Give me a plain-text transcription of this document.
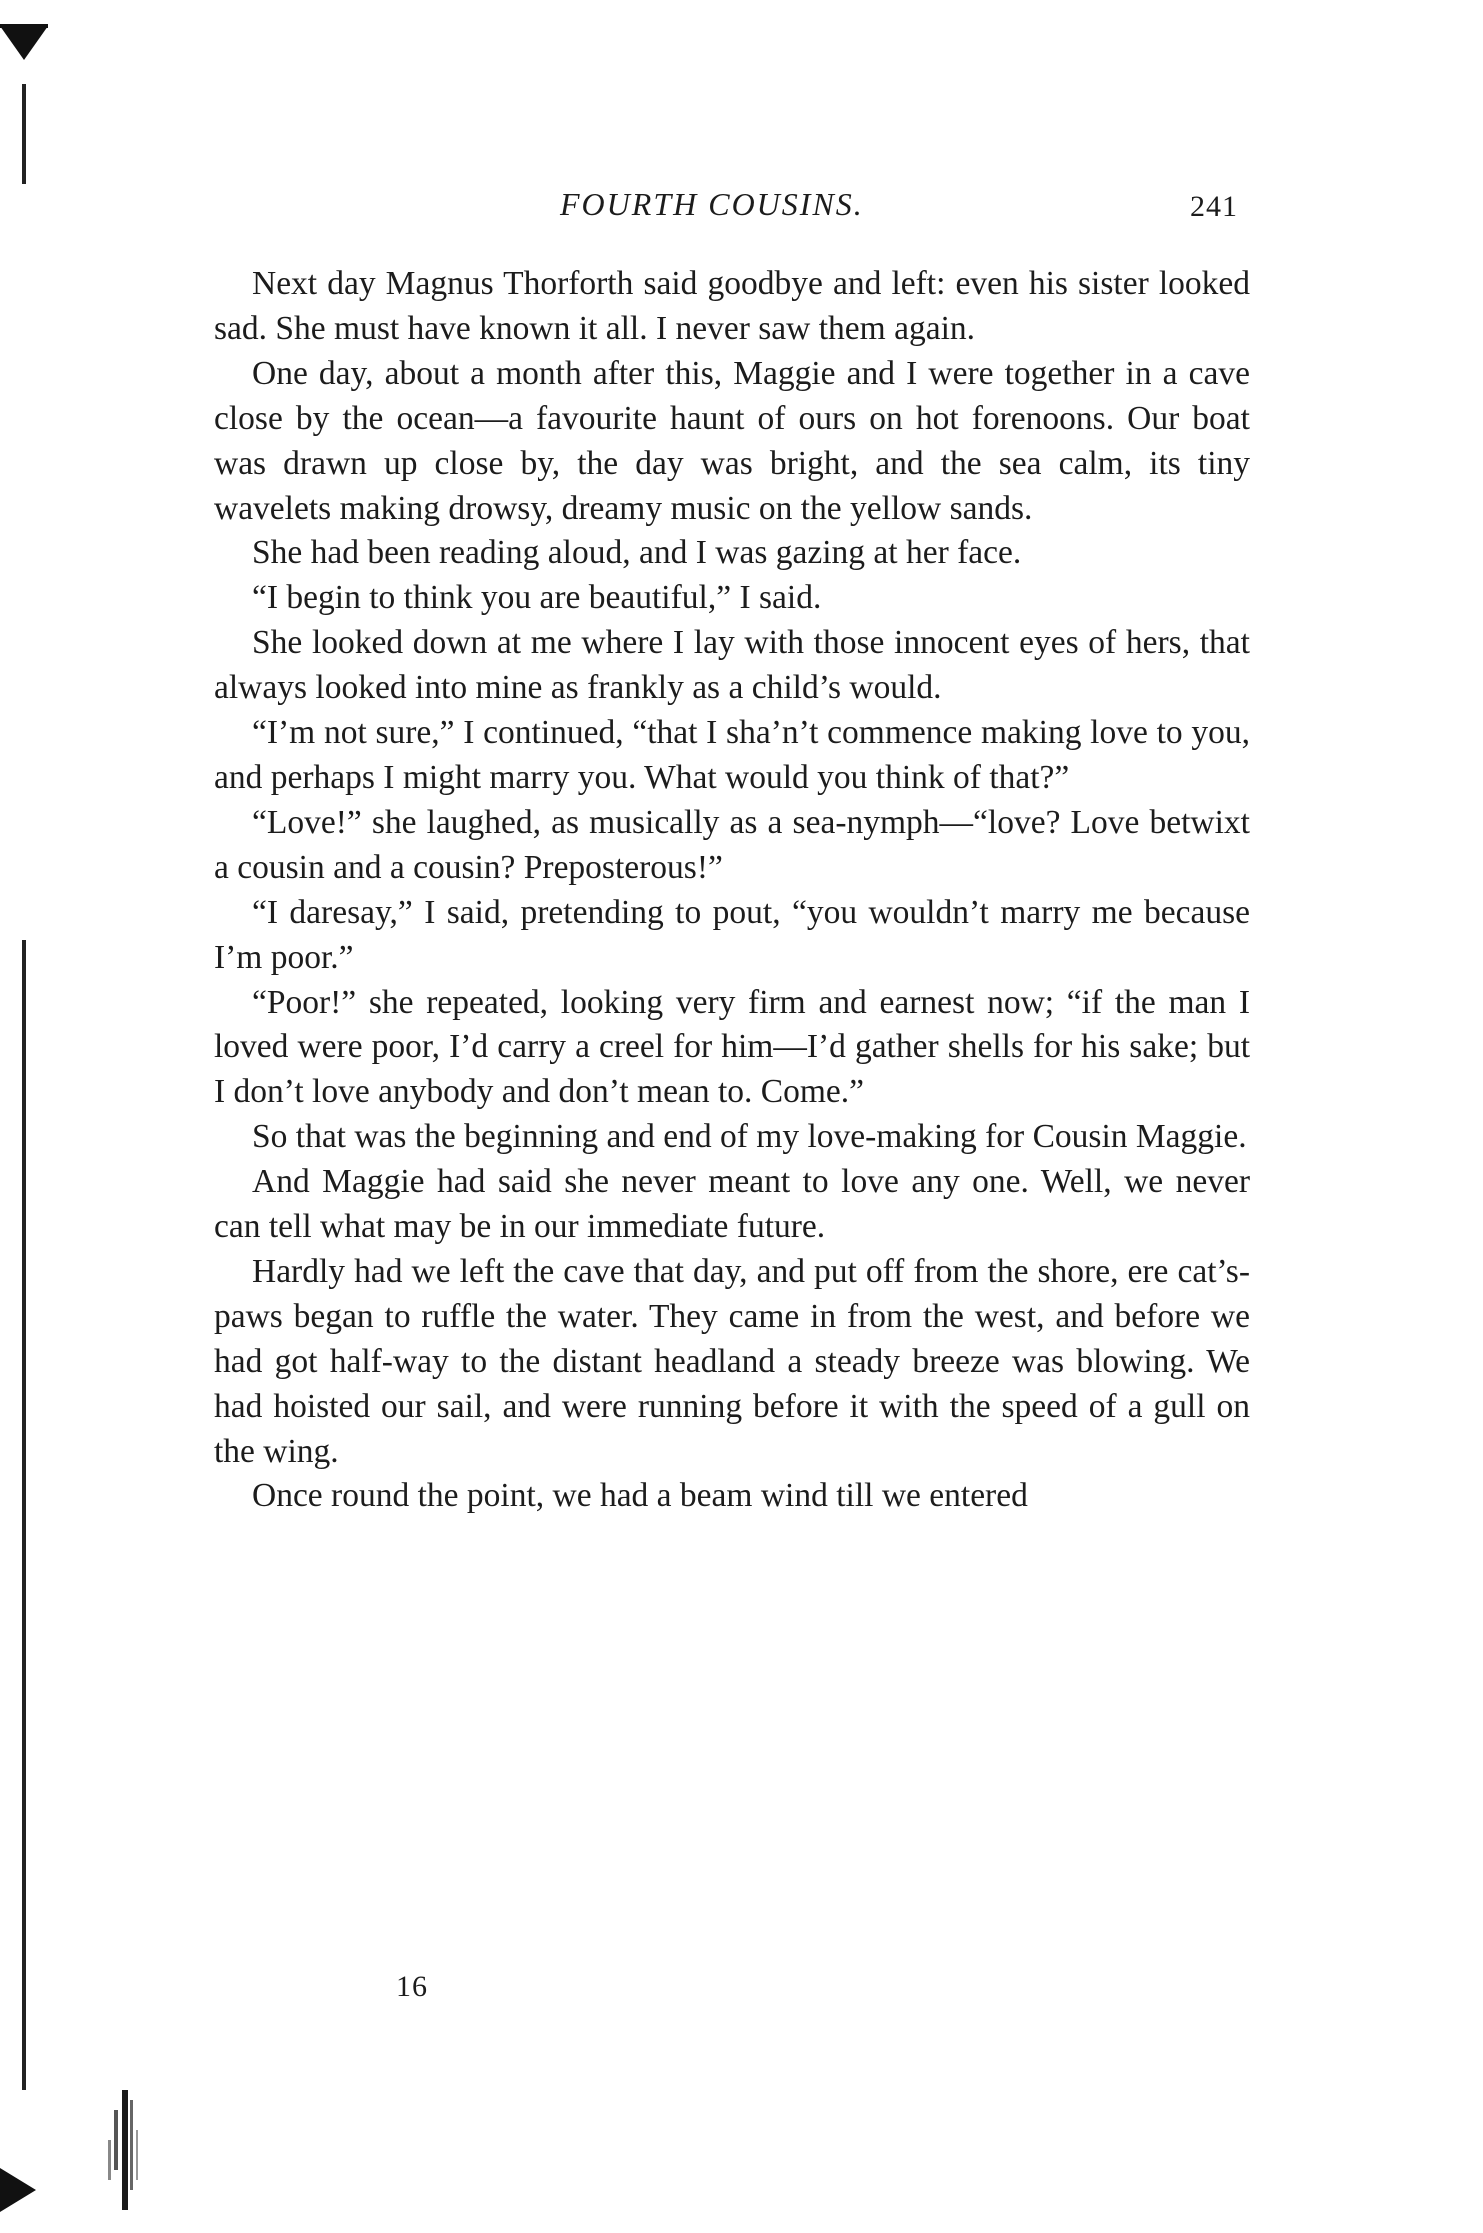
FOURTH COUSINS.	241

Next day Magnus Thorforth said goodbye and left: even his sister looked sad. She must have known it all. I never saw them again.

One day, about a month after this, Maggie and I were together in a cave close by the ocean—a favourite haunt of ours on hot forenoons. Our boat was drawn up close by, the day was bright, and the sea calm, its tiny wavelets making drowsy, dreamy music on the yellow sands.

She had been reading aloud, and I was gazing at her face.

“I begin to think you are beautiful,” I said.

She looked down at me where I lay with those innocent eyes of hers, that always looked into mine as frankly as a child’s would.

“I’m not sure,” I continued, “that I sha’n’t commence making love to you, and perhaps I might marry you. What would you think of that?”

“Love!” she laughed, as musically as a sea-nymph—“love? Love betwixt a cousin and a cousin? Preposterous!”

“I daresay,” I said, pretending to pout, “you wouldn’t marry me because I’m poor.”

“Poor!” she repeated, looking very firm and earnest now; “if the man I loved were poor, I’d carry a creel for him—I’d gather shells for his sake; but I don’t love anybody and don’t mean to. Come.”

So that was the beginning and end of my love-making for Cousin Maggie.

And Maggie had said she never meant to love any one. Well, we never can tell what may be in our immediate future.

Hardly had we left the cave that day, and put off from the shore, ere cat’s-paws began to ruffle the water. They came in from the west, and before we had got half-way to the distant headland a steady breeze was blowing. We had hoisted our sail, and were running before it with the speed of a gull on the wing.

Once round the point, we had a beam wind till we entered

16
